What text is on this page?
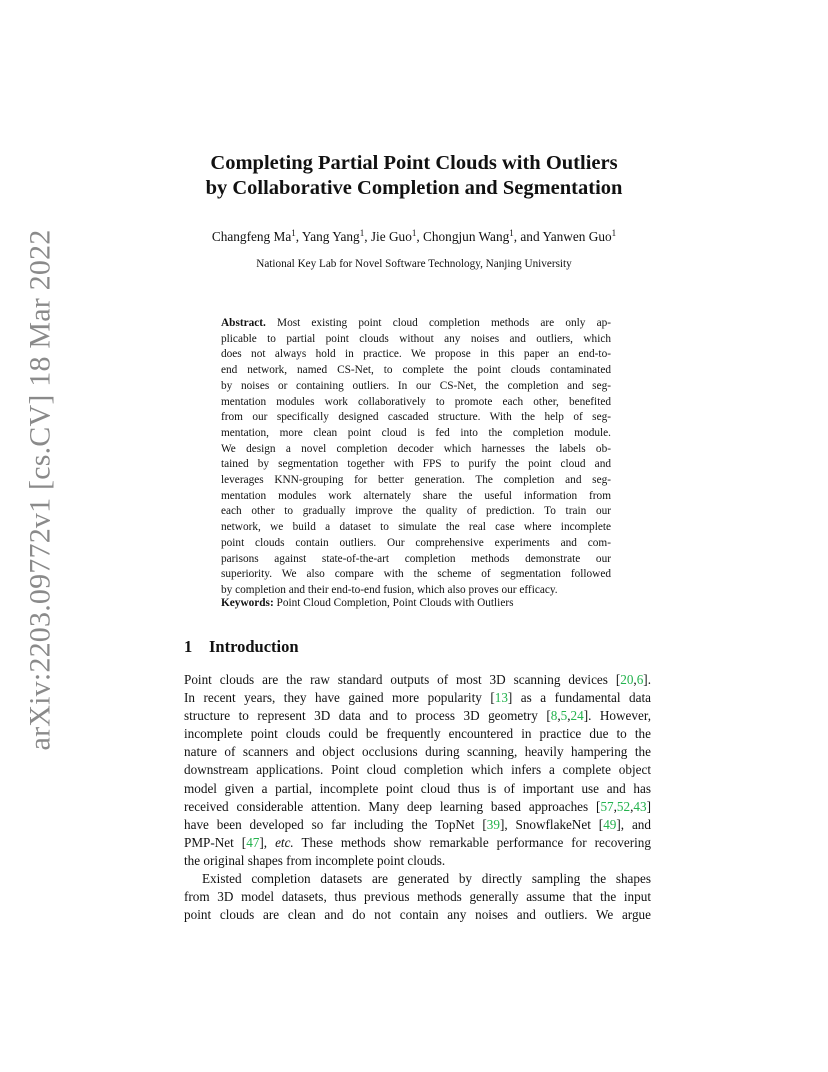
arXiv:2203.09772v1 [cs.CV] 18 Mar 2022
Completing Partial Point Clouds with Outliers
by Collaborative Completion and Segmentation
Changfeng Ma$^1$, Yang Yang$^1$, Jie Guo$^1$, Chongjun Wang$^1$, and Yanwen Guo$^1$
National Key Lab for Novel Software Technology, Nanjing University
Abstract. Most existing point cloud completion methods are only ap-
plicable to partial point clouds without any noises and outliers, which
does not always hold in practice. We propose in this paper an end-to-
end network, named CS-Net, to complete the point clouds contaminated
by noises or containing outliers. In our CS-Net, the completion and seg-
mentation modules work collaboratively to promote each other, benefited
from our specifically designed cascaded structure. With the help of seg-
mentation, more clean point cloud is fed into the completion module.
We design a novel completion decoder which harnesses the labels ob-
tained by segmentation together with FPS to purify the point cloud and
leverages KNN-grouping for better generation. The completion and seg-
mentation modules work alternately share the useful information from
each other to gradually improve the quality of prediction. To train our
network, we build a dataset to simulate the real case where incomplete
point clouds contain outliers. Our comprehensive experiments and com-
parisons against state-of-the-art completion methods demonstrate our
superiority. We also compare with the scheme of segmentation followed
by completion and their end-to-end fusion, which also proves our efficacy.
Keywords: Point Cloud Completion, Point Clouds with Outliers
1 Introduction
Point clouds are the raw standard outputs of most 3D scanning devices [20,6].
In recent years, they have gained more popularity [13] as a fundamental data
structure to represent 3D data and to process 3D geometry [8,5,24]. However,
incomplete point clouds could be frequently encountered in practice due to the
nature of scanners and object occlusions during scanning, heavily hampering the
downstream applications. Point cloud completion which infers a complete object
model given a partial, incomplete point cloud thus is of important use and has
received considerable attention. Many deep learning based approaches [57,52,43]
have been developed so far including the TopNet [39], SnowflakeNet [49], and
PMP-Net [47], etc. These methods show remarkable performance for recovering
the original shapes from incomplete point clouds.
Existed completion datasets are generated by directly sampling the shapes
from 3D model datasets, thus previous methods generally assume that the input
point clouds are clean and do not contain any noises and outliers. We argue
